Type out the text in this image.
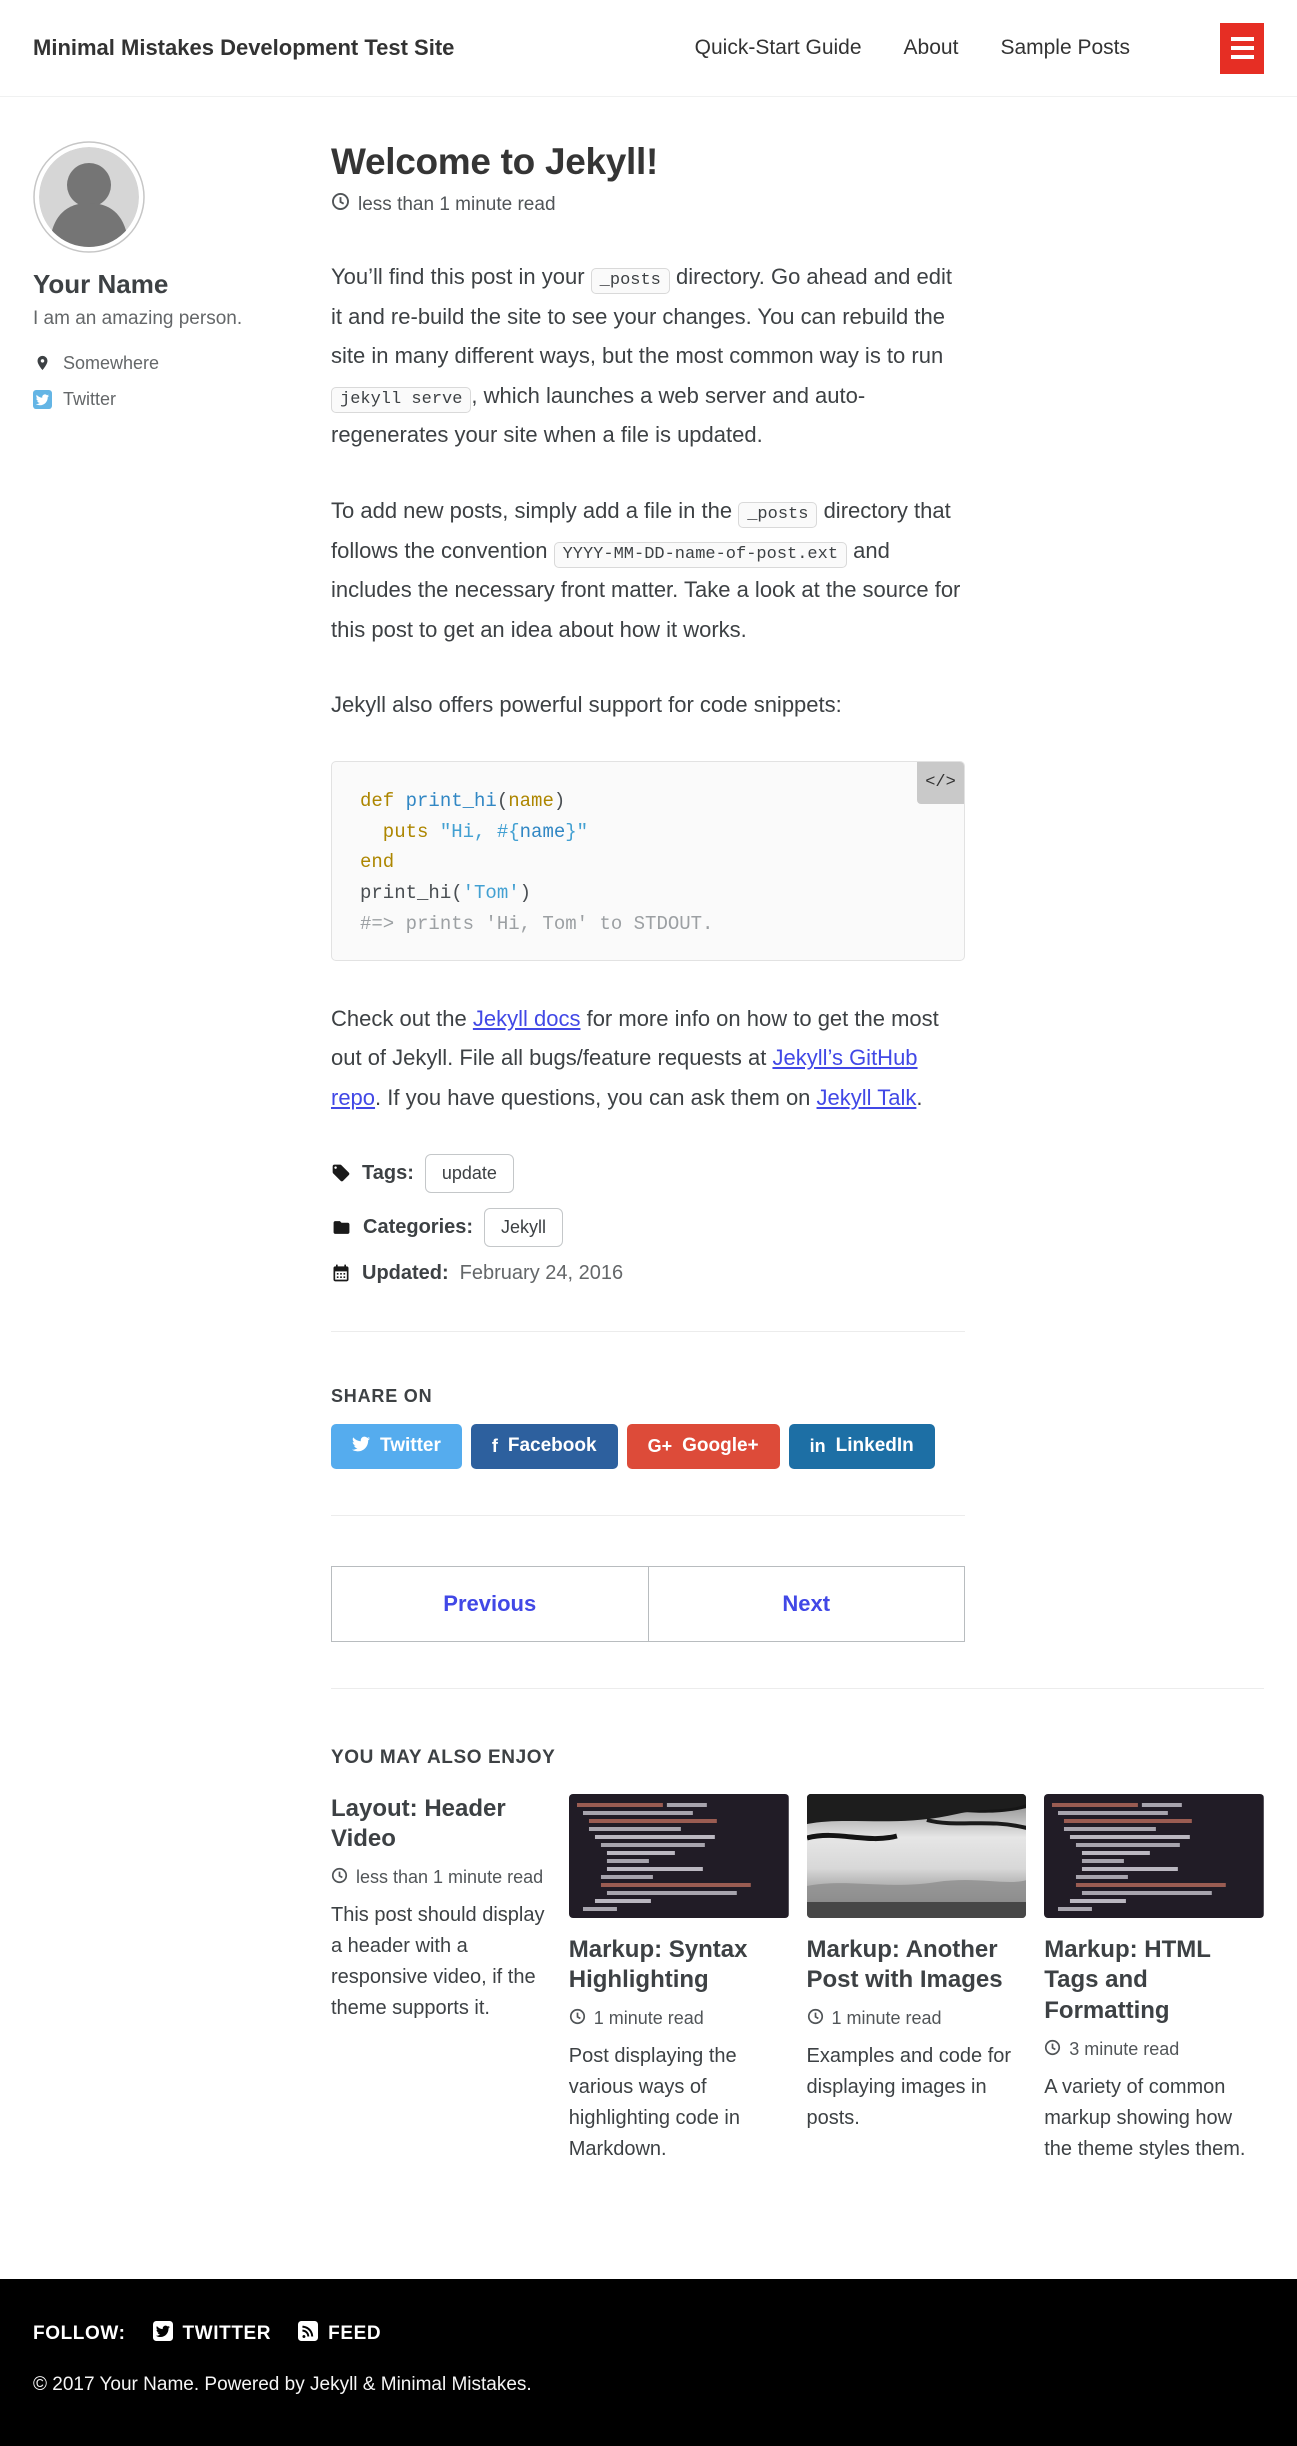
Minimal Mistakes Development Test Site	Quick-Start Guide About Sample Posts
Your Name

I am an amazing person.

Somewhere
Twitter
Welcome to Jekyll!
less than 1 minute read

You’ll find this post in your _posts directory. Go ahead and edit it and re-build the site to see your changes. You can rebuild the site in many different ways, but the most common way is to run jekyll serve , which launches a web server and auto-regenerates your site when a file is updated.

To add new posts, simply add a file in the _posts directory that follows the convention YYYY-MM-DD-name-of-post.ext and includes the necessary front matter. Take a look at the source for this post to get an idea about how it works.

Jekyll also offers powerful support for code snippets:

</>
def print_hi(name)
puts "Hi, #{name}"
end
print_hi('Tom')
#=> prints 'Hi, Tom' to STDOUT.

Check out the Jekyll docs for more info on how to get the most out of Jekyll. File all bugs/feature requests at Jekyll’s GitHub repo. If you have questions, you can ask them on Jekyll Talk.

Tags:	update
Categories:	Jekyll
Updated: February 24, 2016
SHARE ON
Twitter	f Facebook	G+ Google+	in LinkedIn
Previous	Next
YOU MAY ALSO ENJOY
Layout: Header Video
less than 1 minute read
This post should display a header with a responsive video, if the theme supports it.
Markup: Syntax Highlighting
1 minute read
Post displaying the various ways of highlighting code in Markdown.
Markup: Another Post with Images
1 minute read
Examples and code for displaying images in posts.
Markup: HTML Tags and Formatting
3 minute read
A variety of common markup showing how the theme styles them.
FOLLOW:	TWITTER	FEED
© 2017 Your Name. Powered by Jekyll & Minimal Mistakes.
